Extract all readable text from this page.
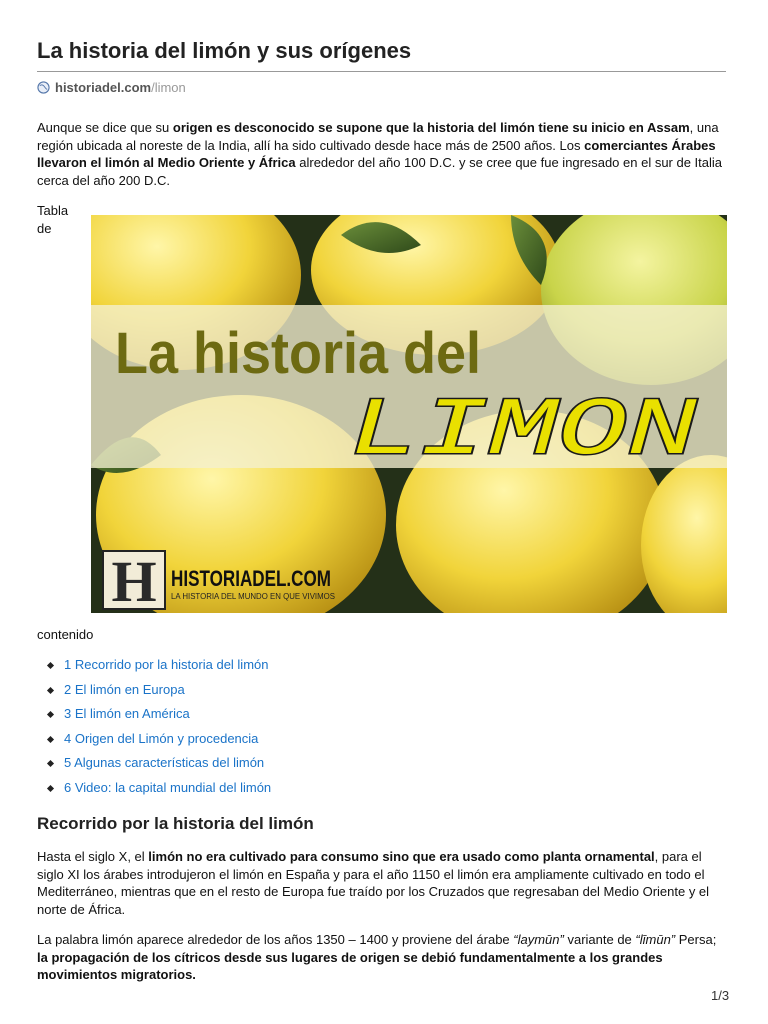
La historia del limón y sus orígenes
historiadel.com /limon

Aunque se dice que su origen es desconocido se supone que la historia del limón tiene su inicio en Assam, una región ubicada al noreste de la India, allí ha sido cultivado desde hace más de 2500 años. Los comerciantes Árabes llevaron el limón al Medio Oriente y África alrededor del año 100 D.C. y se cree que fue ingresado en el sur de Italia cerca del año 200 D.C.

Tabla de
La historia del
LIMON
H HISTORIADEL.COM
LA HISTORIA DEL MUNDO EN QUE VIVIMOS
contenido
1 Recorrido por la historia del limón
2 El limón en Europa
3 El limón en América
4 Origen del Limón y procedencia
5 Algunas características del limón
6 Video: la capital mundial del limón
Recorrido por la historia del limón

Hasta el siglo X, el limón no era cultivado para consumo sino que era usado como planta ornamental, para el siglo XI los árabes introdujeron el limón en España y para el año 1150 el limón era ampliamente cultivado en todo el Mediterráneo, mientras que en el resto de Europa fue traído por los Cruzados que regresaban del Medio Oriente y el norte de África.

La palabra limón aparece alrededor de los años 1350 – 1400 y proviene del árabe “laymūn” variante de “līmūn” Persa; la propagación de los cítricos desde sus lugares de origen se debió fundamentalmente a los grandes movimientos migratorios.

1/3
